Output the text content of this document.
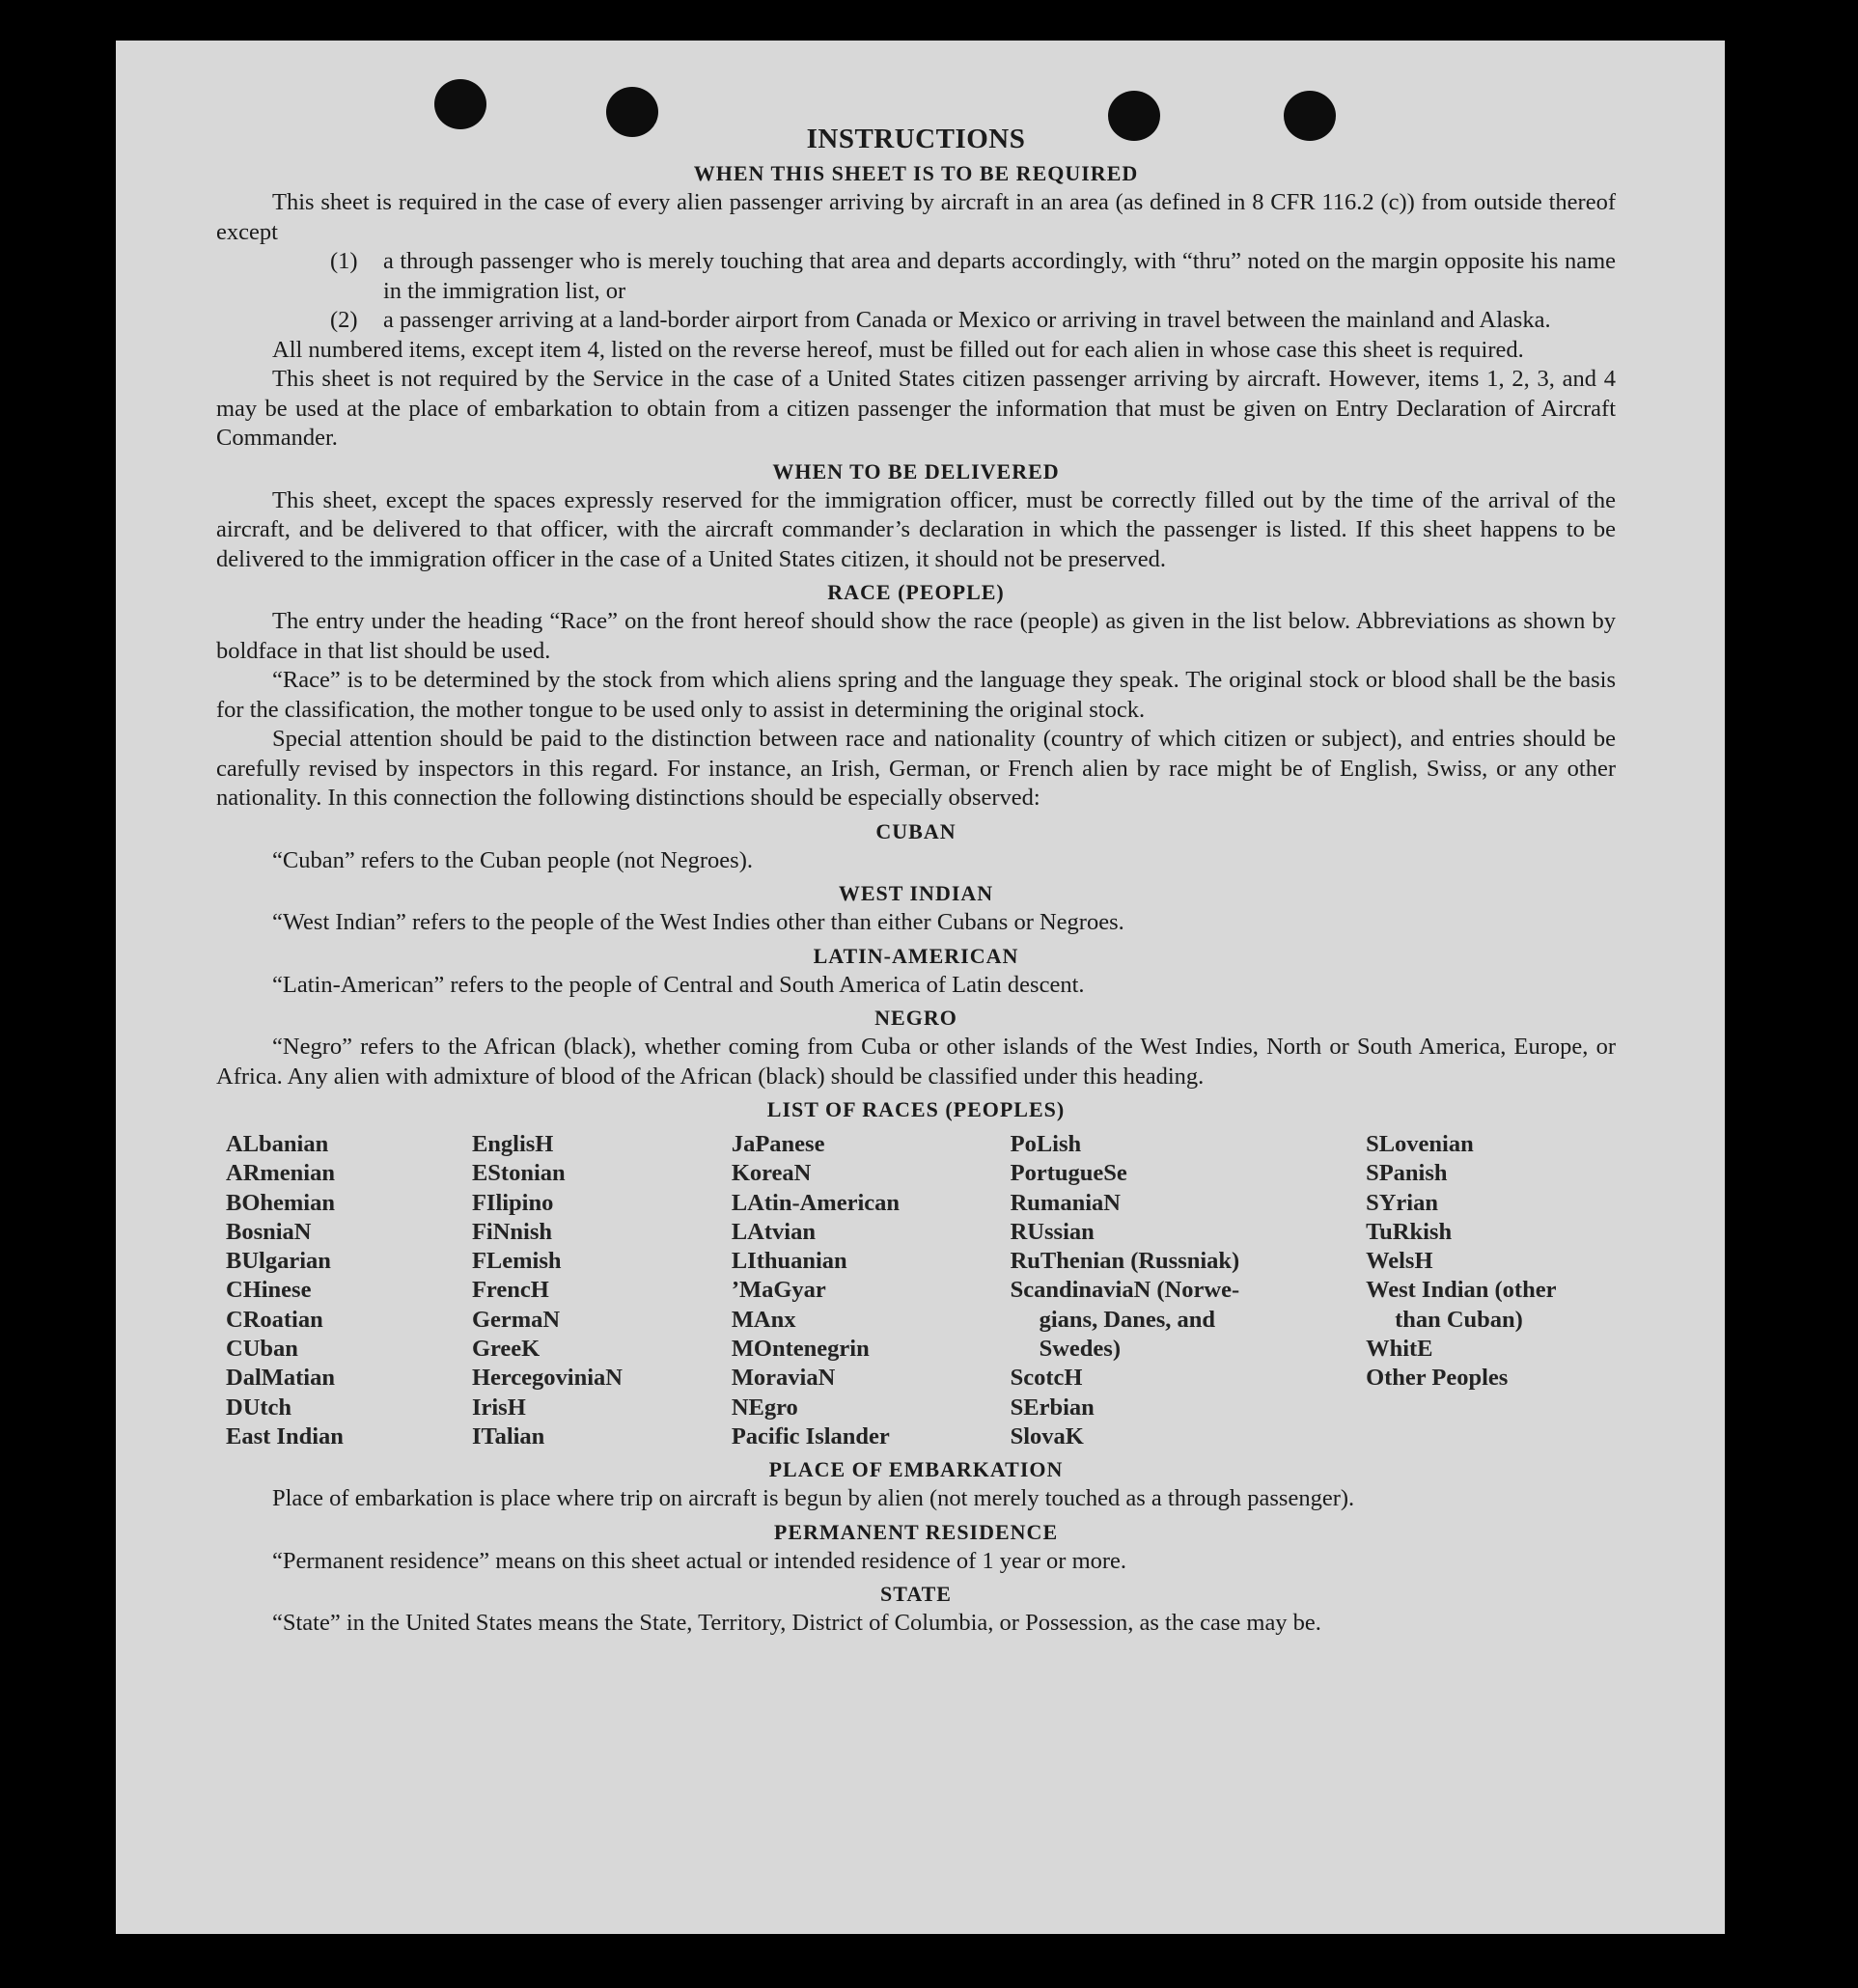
INSTRUCTIONS
WHEN THIS SHEET IS TO BE REQUIRED

This sheet is required in the case of every alien passenger arriving by aircraft in an area (as defined in 8 CFR 116.2 (c)) from outside thereof except

(1)	a through passenger who is merely touching that area and departs accordingly, with “thru” noted on the margin opposite his name in the immigration list, or
(2)	a passenger arriving at a land-border airport from Canada or Mexico or arriving in travel between the mainland and Alaska.

All numbered items, except item 4, listed on the reverse hereof, must be filled out for each alien in whose case this sheet is required.

This sheet is not required by the Service in the case of a United States citizen passenger arriving by aircraft. However, items 1, 2, 3, and 4 may be used at the place of embarkation to obtain from a citizen passenger the information that must be given on Entry Declaration of Aircraft Commander.

WHEN TO BE DELIVERED

This sheet, except the spaces expressly reserved for the immigration officer, must be correctly filled out by the time of the arrival of the aircraft, and be delivered to that officer, with the aircraft commander’s declaration in which the passenger is listed. If this sheet happens to be delivered to the immigration officer in the case of a United States citizen, it should not be preserved.

RACE (PEOPLE)

The entry under the heading “Race” on the front hereof should show the race (people) as given in the list below. Abbreviations as shown by boldface in that list should be used.

“Race” is to be determined by the stock from which aliens spring and the language they speak. The original stock or blood shall be the basis for the classification, the mother tongue to be used only to assist in determining the original stock.

Special attention should be paid to the distinction between race and nationality (country of which citizen or subject), and entries should be carefully revised by inspectors in this regard. For instance, an Irish, German, or French alien by race might be of English, Swiss, or any other nationality. In this connection the following distinctions should be especially observed:

CUBAN

“Cuban” refers to the Cuban people (not Negroes).

WEST INDIAN

“West Indian” refers to the people of the West Indies other than either Cubans or Negroes.

LATIN-AMERICAN

“Latin-American” refers to the people of Central and South America of Latin descent.

NEGRO

“Negro” refers to the African (black), whether coming from Cuba or other islands of the West Indies, North or South America, Europe, or Africa. Any alien with admixture of blood of the African (black) should be classified under this heading.

LIST OF RACES (PEOPLES)
ALbanian
ARmenian
BOhemian
BosniaN
BUlgarian
CHinese
CRoatian
CUban
DalMatian
DUtch
East Indian
EnglisH
EStonian
FIlipino
FiNnish
FLemish
FrencH
GermaN
GreeK
HercegoviniaN
IrisH
ITalian
JaPanese
KoreaN
LAtin-American
LAtvian
LIthuanian
’MaGyar
MAnx
MOntenegrin
MoraviaN
NEgro
Pacific Islander
PoLish
PortugueSe
RumaniaN
RUssian
RuThenian (Russniak)
ScandinaviaN (Norwe-
gians, Danes, and
Swedes)
ScotcH
SErbian
SlovaK
SLovenian
SPanish
SYrian
TuRkish
WelsH
West Indian (other
than Cuban)
WhitE
Other Peoples
PLACE OF EMBARKATION

Place of embarkation is place where trip on aircraft is begun by alien (not merely touched as a through passenger).

PERMANENT RESIDENCE

“Permanent residence” means on this sheet actual or intended residence of 1 year or more.

STATE

“State” in the United States means the State, Territory, District of Columbia, or Possession, as the case may be.
